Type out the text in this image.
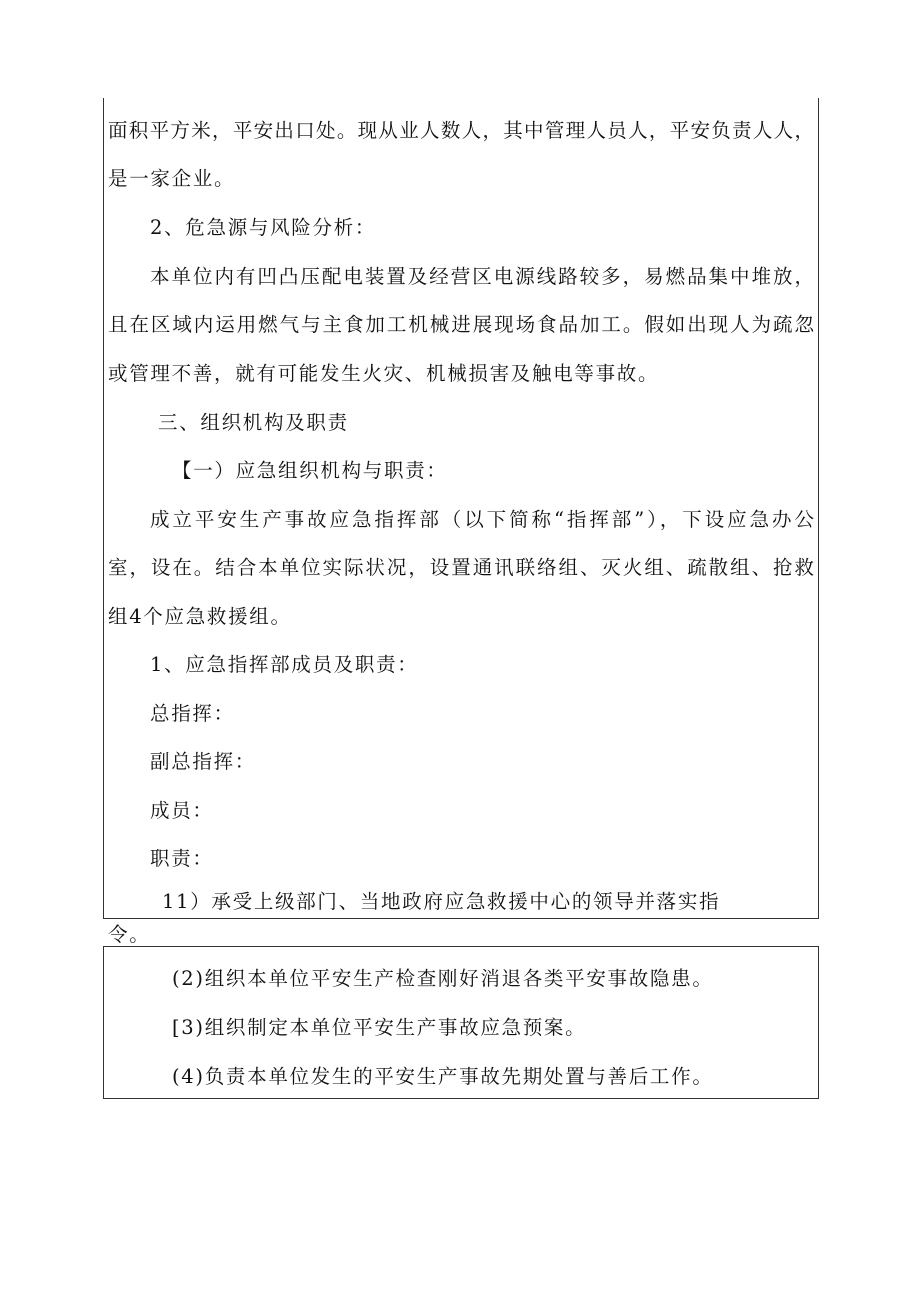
面积平方米，平安出口处。现从业人数人，其中管理人员人，平安负责人人，
是一家企业。
2、危急源与风险分析：
本单位内有凹凸压配电装置及经营区电源线路较多，易燃品集中堆放，
且在区域内运用燃气与主食加工机械进展现场食品加工。假如出现人为疏忽
或管理不善，就有可能发生火灾、机械损害及触电等事故。
三、组织机构及职责
【一）应急组织机构与职责：
成立平安生产事故应急指挥部（以下简称“指挥部”），下设应急办公
室，设在。结合本单位实际状况，设置通讯联络组、灭火组、疏散组、抢救
组4个应急救援组。
1、应急指挥部成员及职责：
总指挥：
副总指挥：
成员：
职责：
11）承受上级部门、当地政府应急救援中心的领导并落实指
令。
(2)组织本单位平安生产检查刚好消退各类平安事故隐患。
[3)组织制定本单位平安生产事故应急预案。
(4)负责本单位发生的平安生产事故先期处置与善后工作。
